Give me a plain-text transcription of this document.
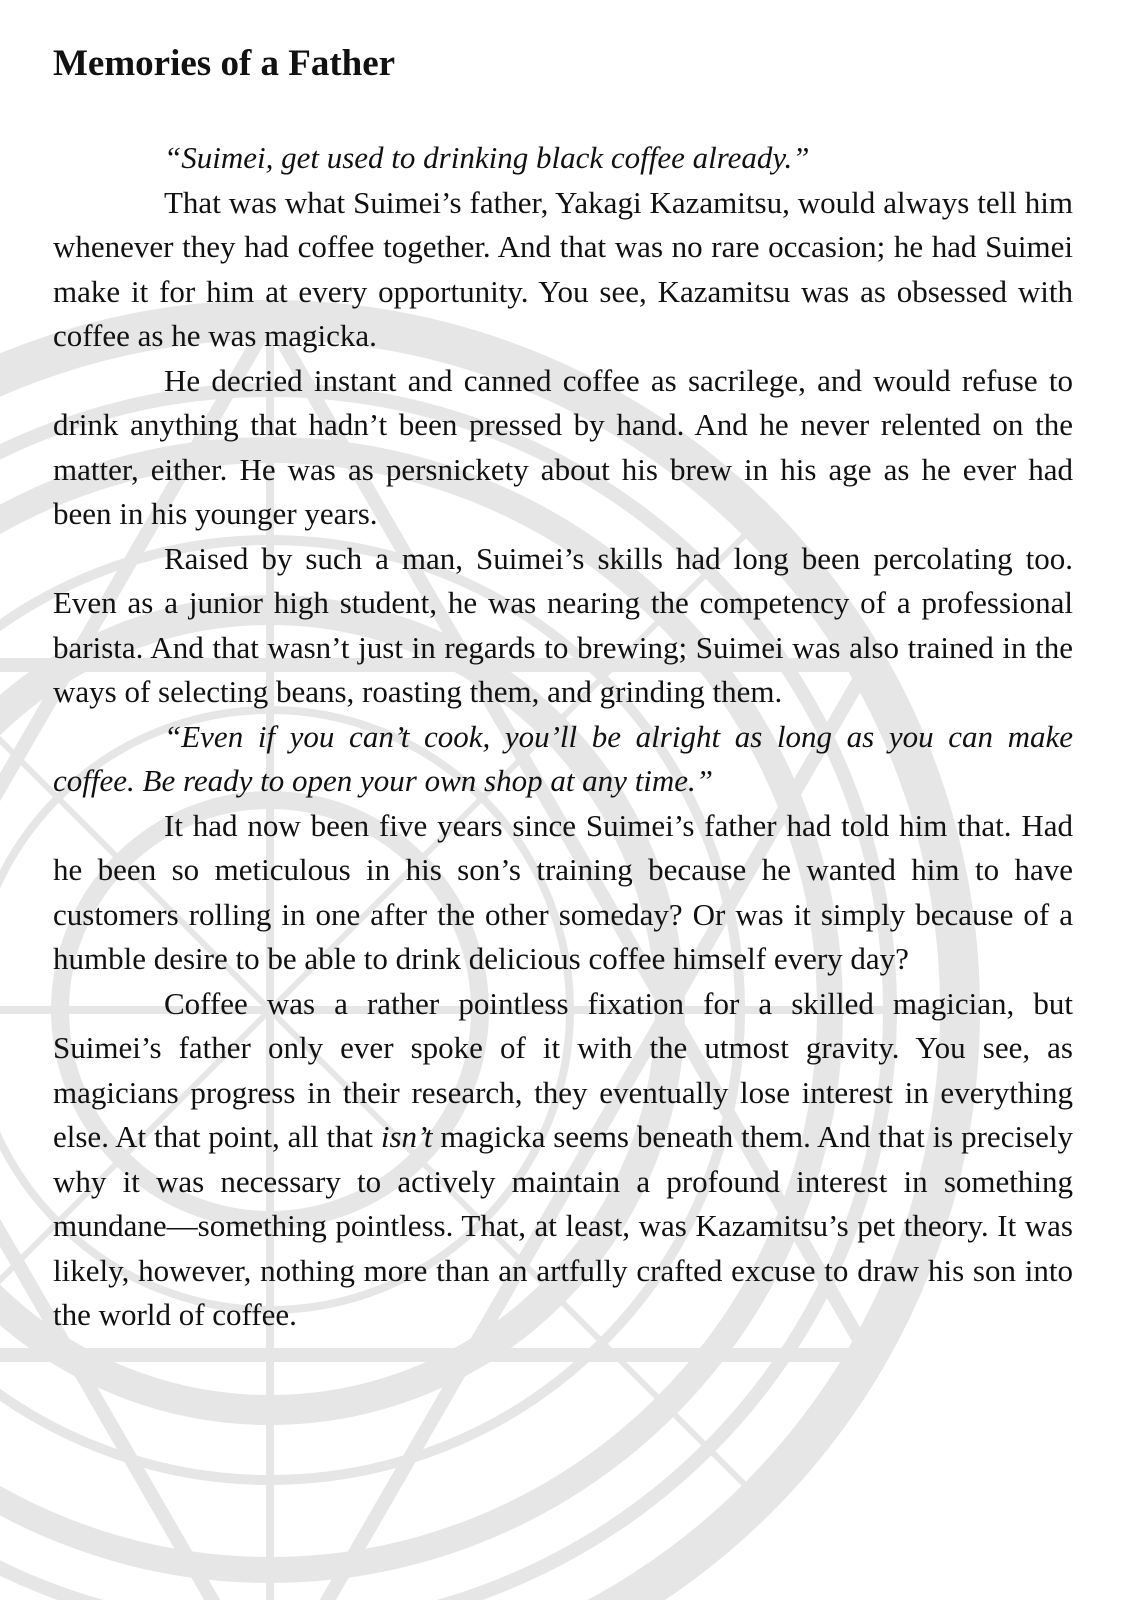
Memories of a Father

“Suimei, get used to drinking black coffee already.”

That was what Suimei’s father, Yakagi Kazamitsu, would always tell him whenever they had coffee together. And that was no rare occasion; he had Suimei make it for him at every opportunity. You see, Kazamitsu was as obsessed with coffee as he was magicka.

He decried instant and canned coffee as sacrilege, and would refuse to drink anything that hadn’t been pressed by hand. And he never relented on the matter, either. He was as persnickety about his brew in his age as he ever had been in his younger years.

Raised by such a man, Suimei’s skills had long been percolating too. Even as a junior high student, he was nearing the competency of a professional barista. And that wasn’t just in regards to brewing; Suimei was also trained in the ways of selecting beans, roasting them, and grinding them.

“Even if you can’t cook, you’ll be alright as long as you can make coffee. Be ready to open your own shop at any time.”

It had now been five years since Suimei’s father had told him that. Had he been so meticulous in his son’s training because he wanted him to have customers rolling in one after the other someday? Or was it simply because of a humble desire to be able to drink delicious coffee himself every day?

Coffee was a rather pointless fixation for a skilled magician, but Suimei’s father only ever spoke of it with the utmost gravity. You see, as magicians progress in their research, they eventually lose interest in everything else. At that point, all that isn’t magicka seems beneath them. And that is precisely why it was necessary to actively maintain a profound interest in something mundane—something pointless. That, at least, was Kazamitsu’s pet theory. It was likely, however, nothing more than an artfully crafted excuse to draw his son into the world of coffee.
